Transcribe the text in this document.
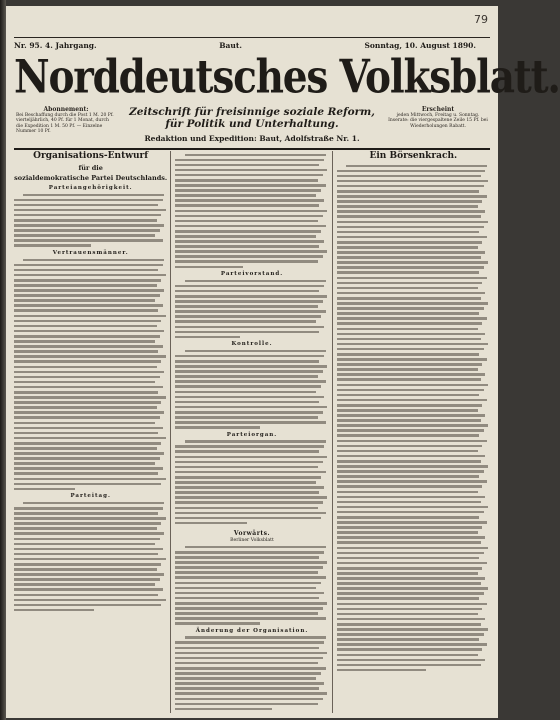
79
Nr. 95. 4. Jahrgang.	Baut.	Sonntag, 10. August 1890.
Norddeutsches Volksblatt.
Abonnement:
Bei Beschaffung durch die Post 1 M. 20 Pf. vierteljährlich, 40 Pf. für 1 Monat, durch die Expedition 1 M. 50 Pf. — Einzelne Nummer 10 Pf.
Zeitschrift für freisinnige soziale Reform,
für Politik und Unterhaltung.
Erscheint
jeden Mittwoch, Freitag u. Sonntag. Inserate: die viergespaltene Zeile 15 Pf. bei Wiederholungen Rabatt.
Redaktion und Expedition: Baut, Adolfstraße Nr. 1.
Organisations-Entwurf
für die
sozialdemokratische Partei Deutschlands.
Parteiangehörigkeit.
Vertrauensmänner.
Parteitag.
Parteivorstand.
Kontrolle.
Parteiorgan.
Vorwärts.
Berliner Volksblatt
Änderung der Organisation.
Ein Börsenkrach.
